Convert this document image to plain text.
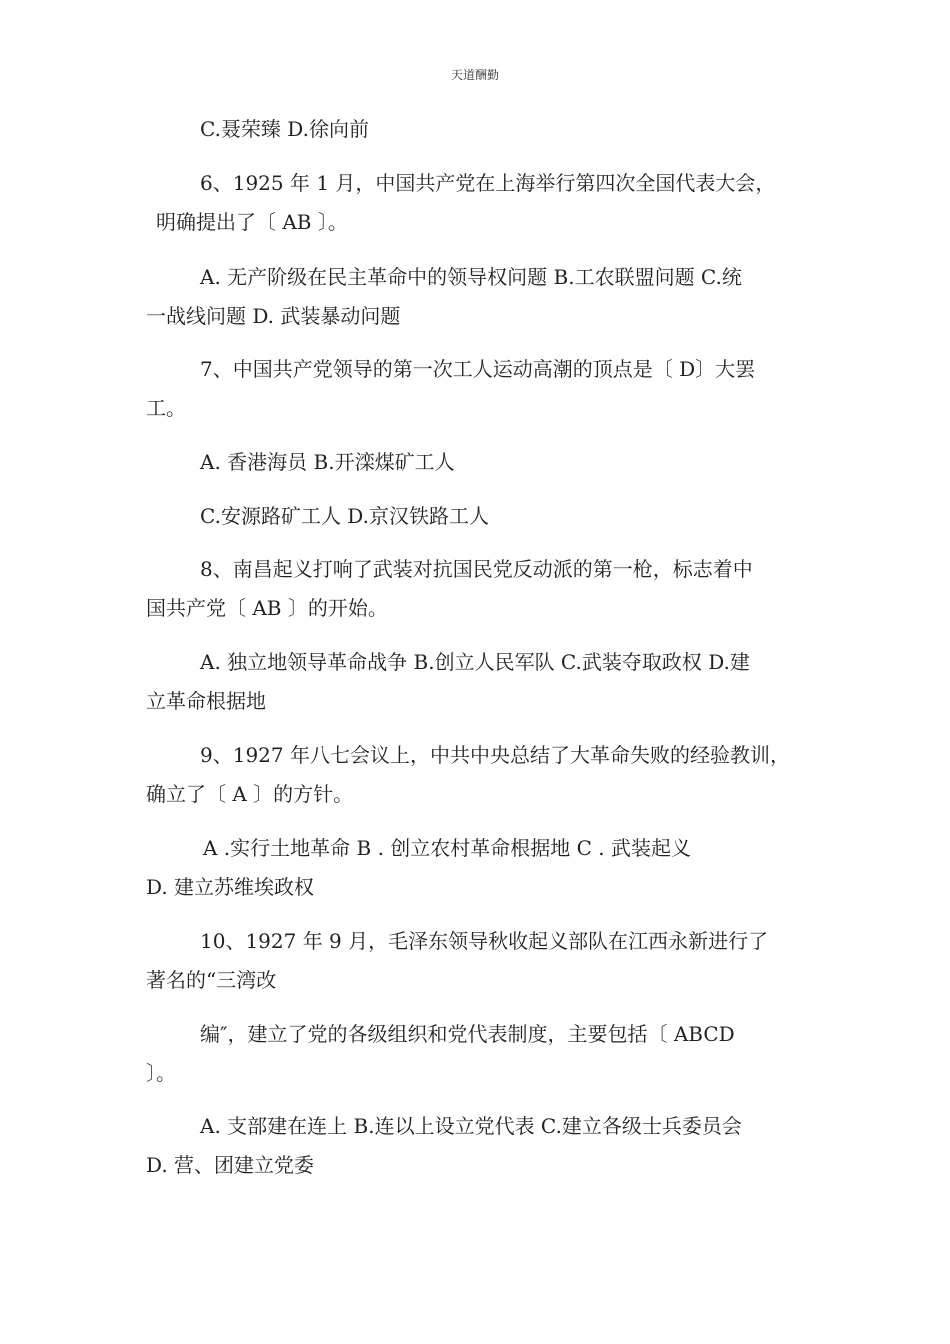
天道酬勤
C.聂荣臻 D.徐向前
6、1925 年 1 月，中国共产党在上海举行第四次全国代表大会，
明确提出了〔 AB 〕。
A. 无产阶级在民主革命中的领导权问题 B.工农联盟问题 C.统
一战线问题 D. 武装暴动问题
7、中国共产党领导的第一次工人运动高潮的顶点是〔 D〕大罢
工。
A. 香港海员 B.开滦煤矿工人
C.安源路矿工人 D.京汉铁路工人
8、南昌起义打响了武装对抗国民党反动派的第一枪，标志着中
国共产党〔 AB 〕的开始。
A. 独立地领导革命战争 B.创立人民军队 C.武装夺取政权 D.建
立革命根据地
9、1927 年八七会议上，中共中央总结了大革命失败的经验教训，
确立了〔 A 〕的方针。
A .实行土地革命 B . 创立农村革命根据地 C . 武装起义
D. 建立苏维埃政权
10、1927 年 9 月，毛泽东领导秋收起义部队在江西永新进行了
著名的“三湾改
编″，建立了党的各级组织和党代表制度，主要包括〔 ABCD
〕。
A. 支部建在连上 B.连以上设立党代表 C.建立各级士兵委员会
D. 营、团建立党委
